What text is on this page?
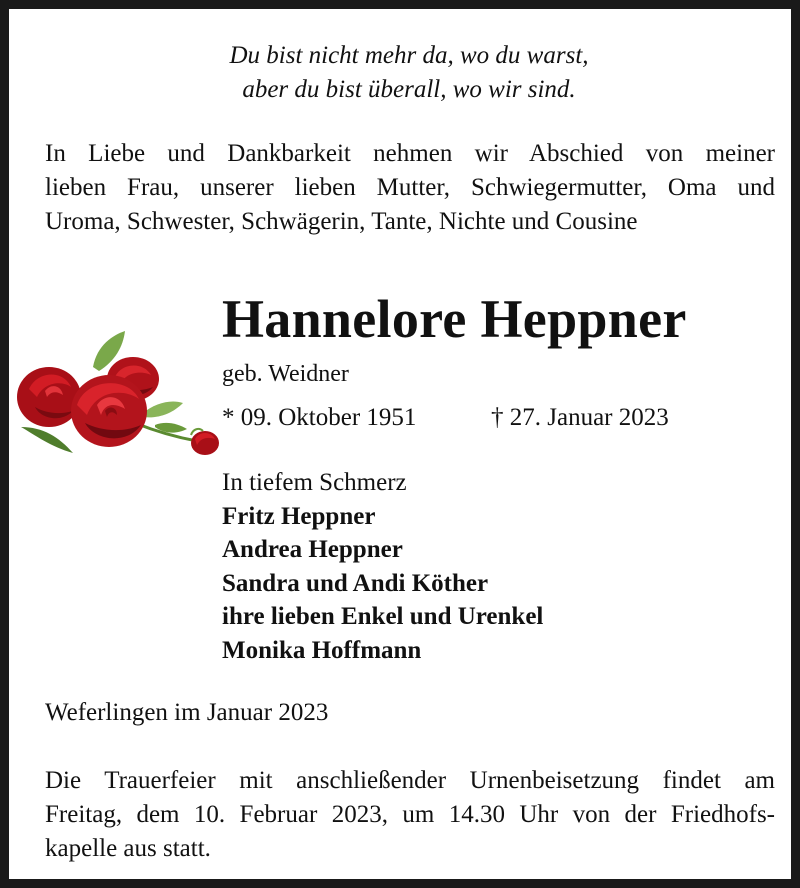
Du bist nicht mehr da, wo du warst,
aber du bist überall, wo wir sind.
In Liebe und Dankbarkeit nehmen wir Abschied von meiner
lieben Frau, unserer lieben Mutter, Schwiegermutter, Oma und
Uroma, Schwester, Schwägerin, Tante, Nichte und Cousine
Hannelore Heppner
geb. Weidner
* 09. Oktober 1951	† 27. Januar 2023
In tiefem Schmerz
Fritz Heppner
Andrea Heppner
Sandra und Andi Köther
ihre lieben Enkel und Urenkel
Monika Hoffmann
Weferlingen im Januar 2023
Die Trauerfeier mit anschließender Urnenbeisetzung findet am
Freitag, dem 10. Februar 2023, um 14.30 Uhr von der Friedhofs-
kapelle aus statt.
